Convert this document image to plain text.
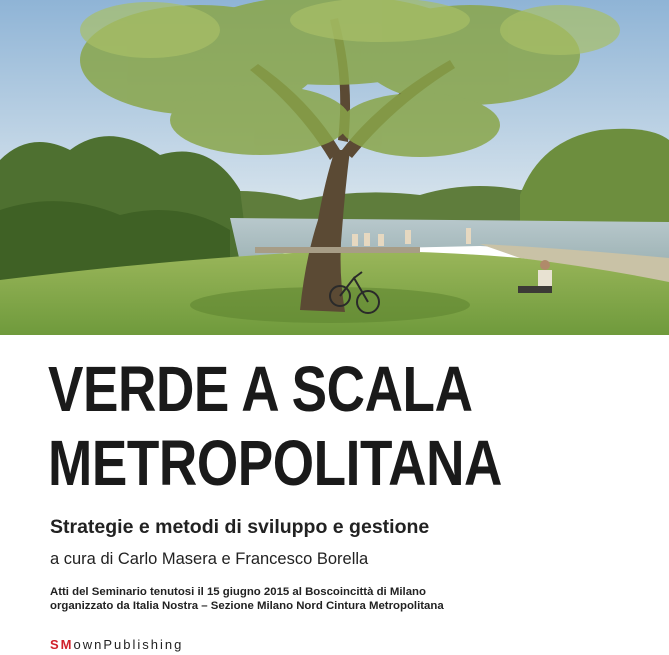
VERDE A SCALA
METROPOLITANA
Strategie e metodi di sviluppo e gestione
a cura di Carlo Masera e Francesco Borella
Atti del Seminario tenutosi il 15 giugno 2015 al Boscoincittà di Milano
organizzato da Italia Nostra – Sezione Milano Nord Cintura Metropolitana
SMownPublishing
